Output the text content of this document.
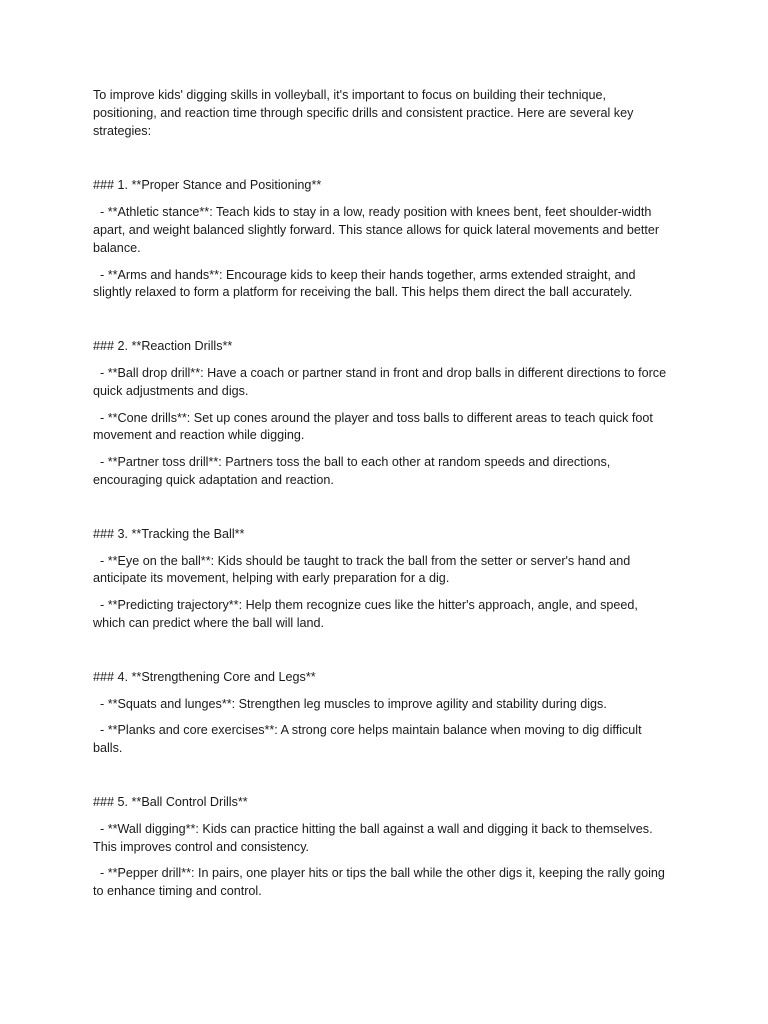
To improve kids' digging skills in volleyball, it's important to focus on building their technique, positioning, and reaction time through specific drills and consistent practice. Here are several key strategies:

### 1. **Proper Stance and Positioning**

- **Athletic stance**: Teach kids to stay in a low, ready position with knees bent, feet shoulder-width apart, and weight balanced slightly forward. This stance allows for quick lateral movements and better balance.

- **Arms and hands**: Encourage kids to keep their hands together, arms extended straight, and slightly relaxed to form a platform for receiving the ball. This helps them direct the ball accurately.

### 2. **Reaction Drills**

- **Ball drop drill**: Have a coach or partner stand in front and drop balls in different directions to force quick adjustments and digs.

- **Cone drills**: Set up cones around the player and toss balls to different areas to teach quick foot movement and reaction while digging.

- **Partner toss drill**: Partners toss the ball to each other at random speeds and directions, encouraging quick adaptation and reaction.

### 3. **Tracking the Ball**

- **Eye on the ball**: Kids should be taught to track the ball from the setter or server's hand and anticipate its movement, helping with early preparation for a dig.

- **Predicting trajectory**: Help them recognize cues like the hitter's approach, angle, and speed, which can predict where the ball will land.

### 4. **Strengthening Core and Legs**

- **Squats and lunges**: Strengthen leg muscles to improve agility and stability during digs.

- **Planks and core exercises**: A strong core helps maintain balance when moving to dig difficult balls.

### 5. **Ball Control Drills**

- **Wall digging**: Kids can practice hitting the ball against a wall and digging it back to themselves. This improves control and consistency.

- **Pepper drill**: In pairs, one player hits or tips the ball while the other digs it, keeping the rally going to enhance timing and control.
